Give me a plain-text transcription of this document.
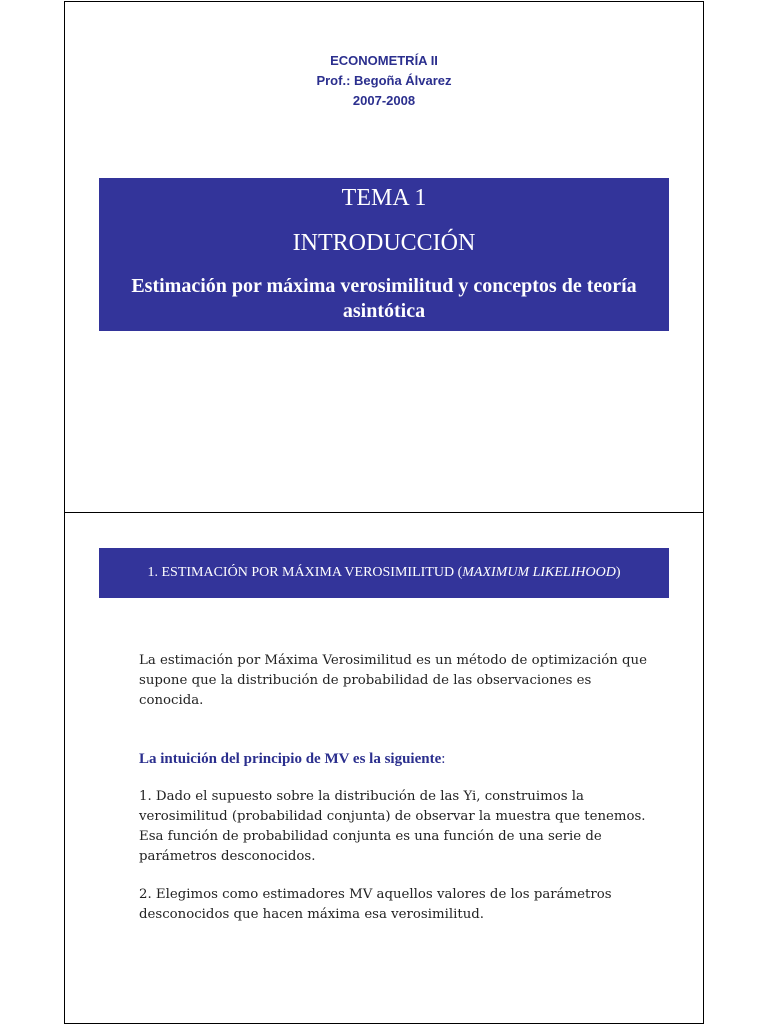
ECONOMETRÍA II
Prof.: Begoña Álvarez
2007-2008
TEMA 1
INTRODUCCIÓN
Estimación por máxima verosimilitud y conceptos de teoría asintótica
1. ESTIMACIÓN POR MÁXIMA VEROSIMILITUD (MAXIMUM LIKELIHOOD)

La estimación por Máxima Verosimilitud es un método de optimización que supone que la distribución de probabilidad de las observaciones es conocida.

La intuición del principio de MV es la siguiente:

1. Dado el supuesto sobre la distribución de las Yi, construimos la verosimilitud (probabilidad conjunta) de observar la muestra que tenemos. Esa función de probabilidad conjunta es una función de una serie de parámetros desconocidos.

2. Elegimos como estimadores MV aquellos valores de los parámetros desconocidos que hacen máxima esa verosimilitud.
